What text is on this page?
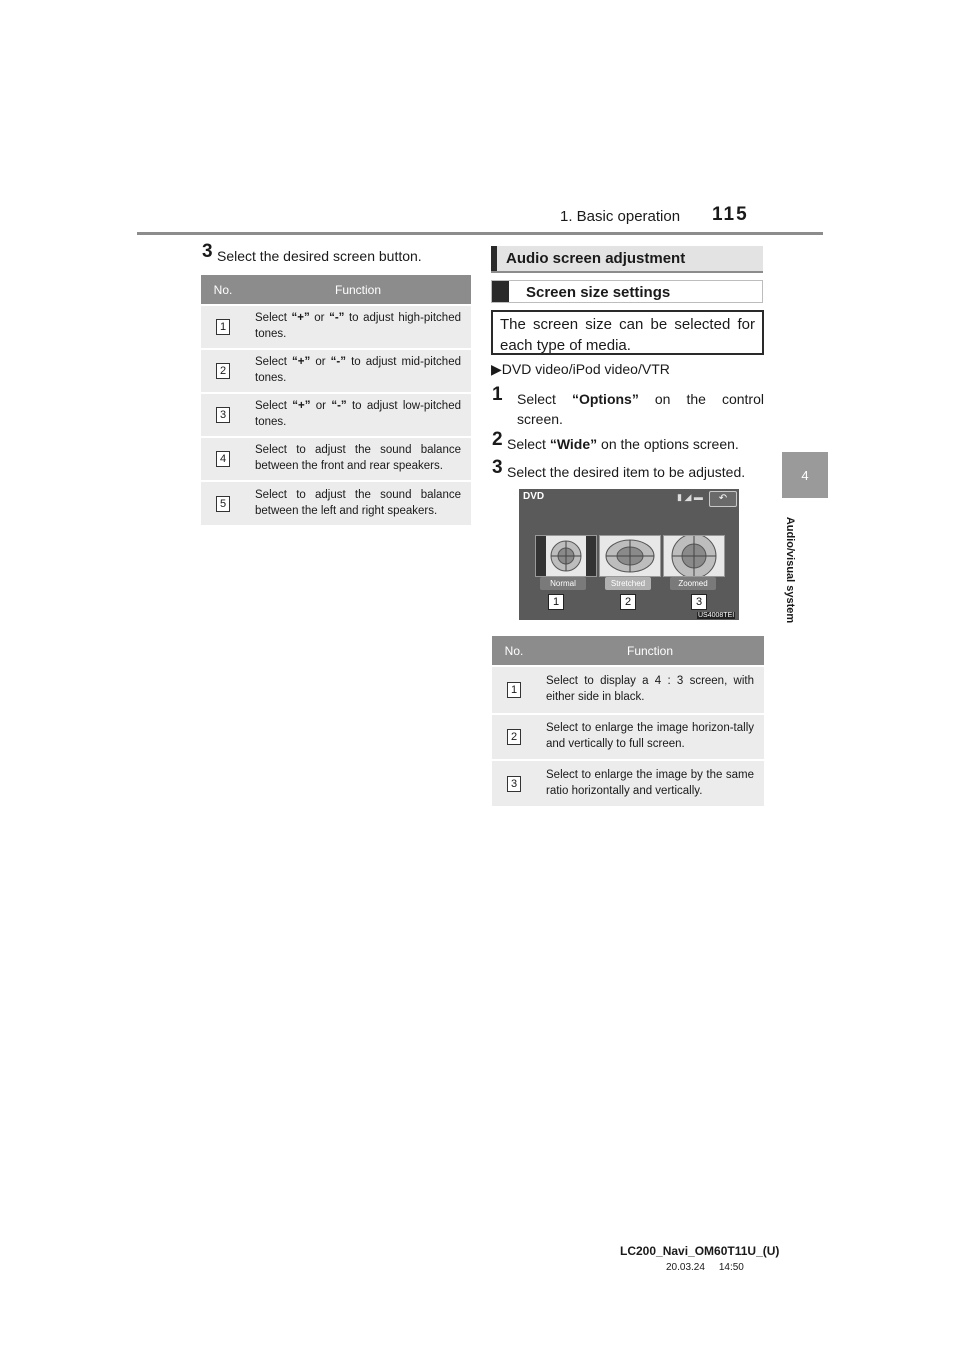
1. Basic operation 115
4
Audio/visual system
3 Select the desired screen button.
No.	Function
1	Select “+” or “-” to adjust high-pitched tones.
2	Select “+” or “-” to adjust mid-pitched tones.
3	Select “+” or “-” to adjust low-pitched tones.
4	Select to adjust the sound balance between the front and rear speakers.
5	Select to adjust the sound balance between the left and right speakers.
Audio screen adjustment
Screen size settings
The screen size can be selected for each type of media.
▶DVD video/iPod video/VTR
1 Select “Options” on the control screen.
2 Select “Wide” on the options screen.
3 Select the desired item to be adjusted.
DVD	▮ ◢ ▬	↶
Normal	Stretched	Zoomed
1	2	3
US4008TEI
No.	Function
1	Select to display a 4 : 3 screen, with either side in black.
2	Select to enlarge the image horizon-tally and vertically to full screen.
3	Select to enlarge the image by the same ratio horizontally and vertically.
LC200_Navi_OM60T11U_(U)
20.03.24     14:50
